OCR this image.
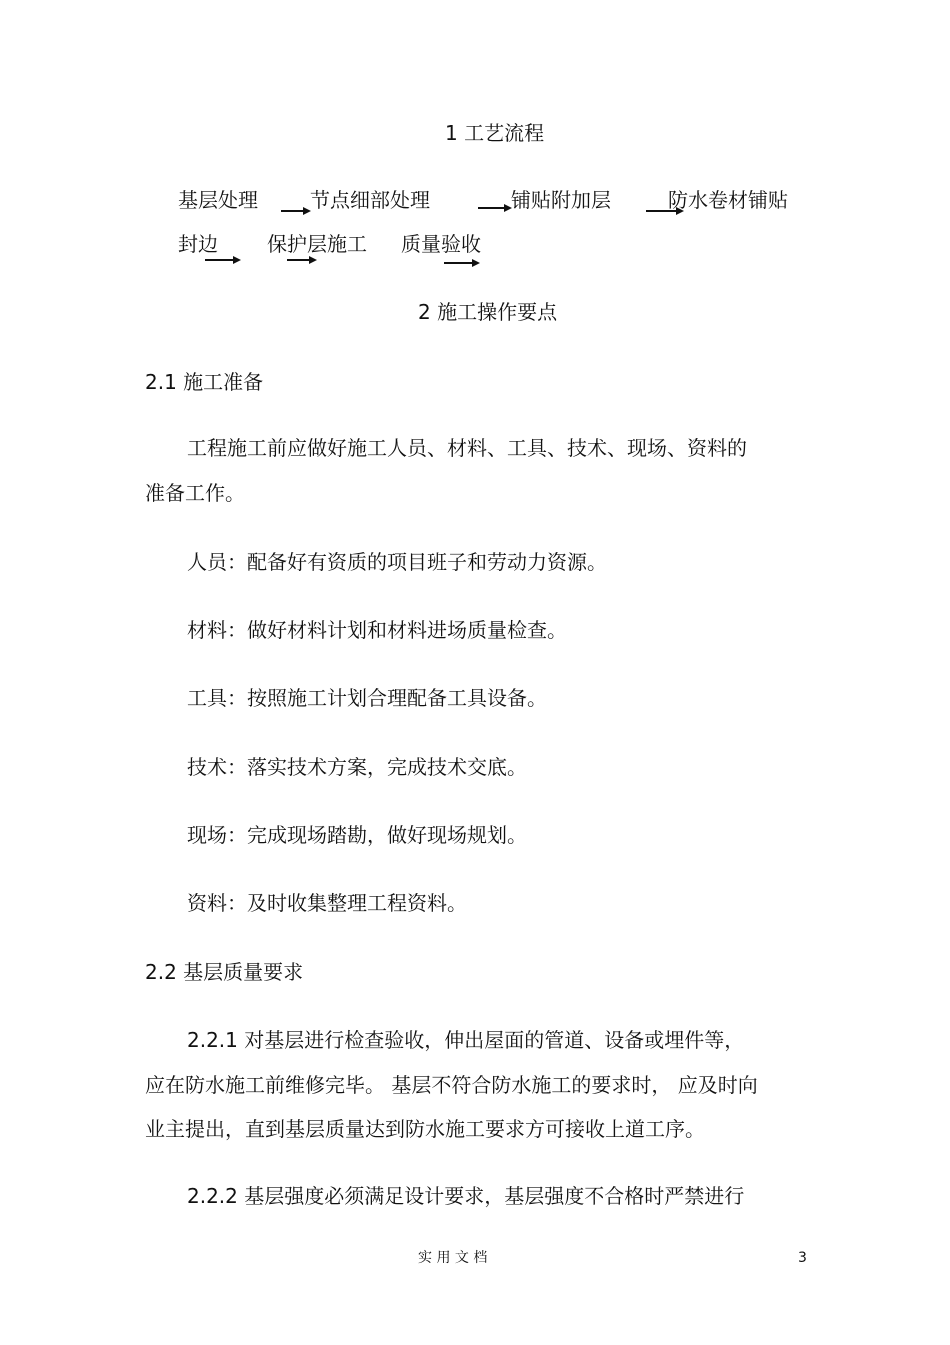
1 工艺流程
基层处理	节点细部处理	铺贴附加层	防水卷材铺贴
封边 保护层施工 质量验收
2 施工操作要点
2.1 施工准备
工程施工前应做好施工人员、材料、工具、技术、现场、资料的
准备工作。
人员：配备好有资质的项目班子和劳动力资源。
材料：做好材料计划和材料进场质量检查。
工具：按照施工计划合理配备工具设备。
技术：落实技术方案，完成技术交底。
现场：完成现场踏勘，做好现场规划。
资料：及时收集整理工程资料。
2.2 基层质量要求
2.2.1 对基层进行检查验收，伸出屋面的管道、设备或埋件等，
应在防水施工前维修完毕。 基层不符合防水施工的要求时， 应及时向
业主提出，直到基层质量达到防水施工要求方可接收上道工序。
2.2.2 基层强度必须满足设计要求，基层强度不合格时严禁进行
实 用 文 档	3
